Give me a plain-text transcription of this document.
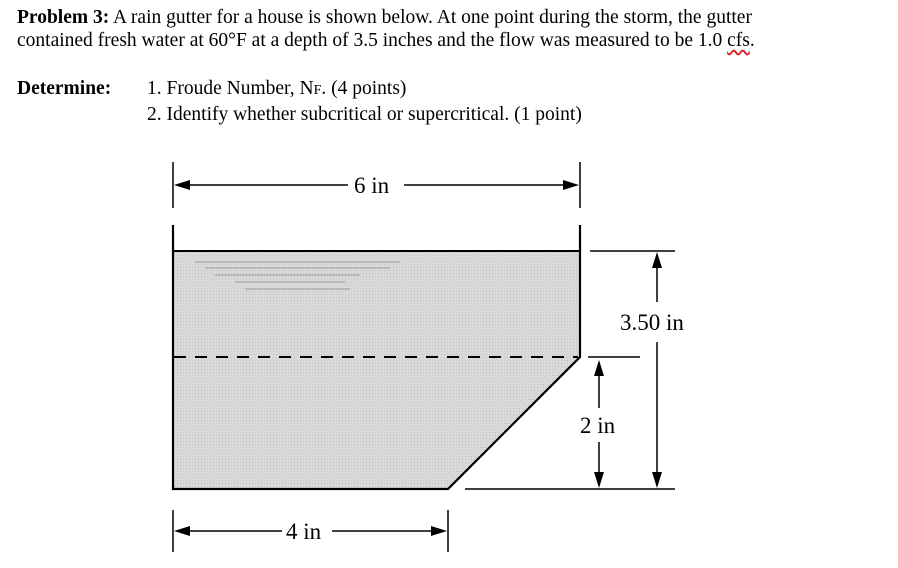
Problem 3: A rain gutter for a house is shown below. At one point during the storm, the gutter
contained fresh water at 60°F at a depth of 3.5 inches and the flow was measured to be 1.0 cfs.
Determine: 1. Froude Number, NF. (4 points)
2. Identify whether subcritical or supercritical. (1 point)
6 in
4 in
3.50 in
2 in
